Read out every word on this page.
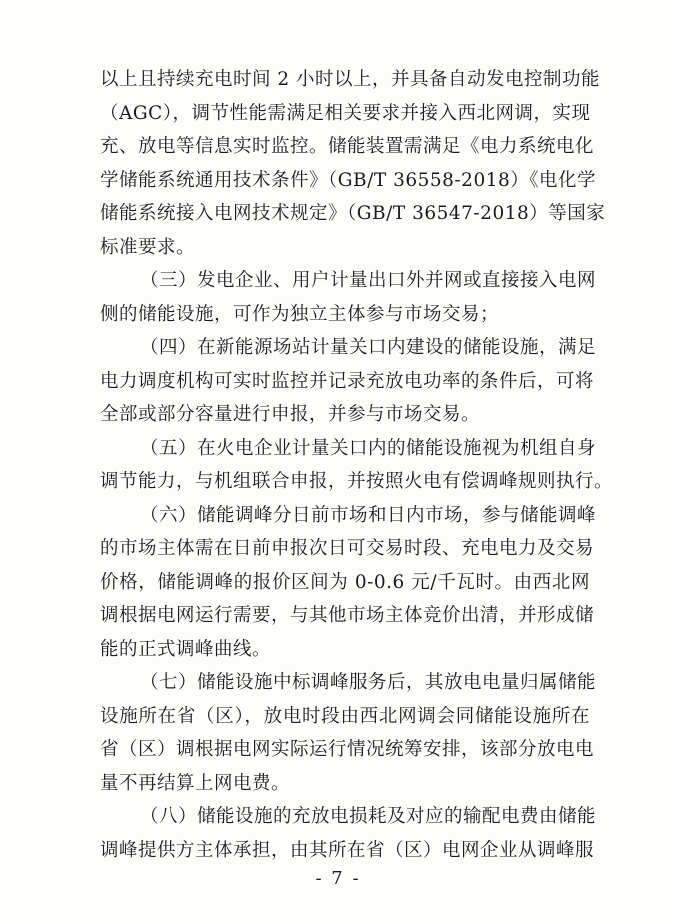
以上且持续充电时间 2 小时以上，并具备自动发电控制功能
（AGC），调节性能需满足相关要求并接入西北网调，实现
充、放电等信息实时监控。储能装置需满足《电力系统电化
学储能系统通用技术条件》（GB/T 36558-2018）《电化学
储能系统接入电网技术规定》（GB/T 36547-2018）等国家
标准要求。
（三）发电企业、用户计量出口外并网或直接接入电网
侧的储能设施，可作为独立主体参与市场交易；
（四）在新能源场站计量关口内建设的储能设施，满足
电力调度机构可实时监控并记录充放电功率的条件后，可将
全部或部分容量进行申报，并参与市场交易。
（五）在火电企业计量关口内的储能设施视为机组自身
调节能力，与机组联合申报，并按照火电有偿调峰规则执行。
（六）储能调峰分日前市场和日内市场，参与储能调峰
的市场主体需在日前申报次日可交易时段、充电电力及交易
价格，储能调峰的报价区间为 0-0.6 元/千瓦时。由西北网
调根据电网运行需要，与其他市场主体竞价出清，并形成储
能的正式调峰曲线。
（七）储能设施中标调峰服务后，其放电电量归属储能
设施所在省（区），放电时段由西北网调会同储能设施所在
省（区）调根据电网实际运行情况统筹安排，该部分放电电
量不再结算上网电费。
（八）储能设施的充放电损耗及对应的输配电费由储能
调峰提供方主体承担，由其所在省（区）电网企业从调峰服
- 7 -
